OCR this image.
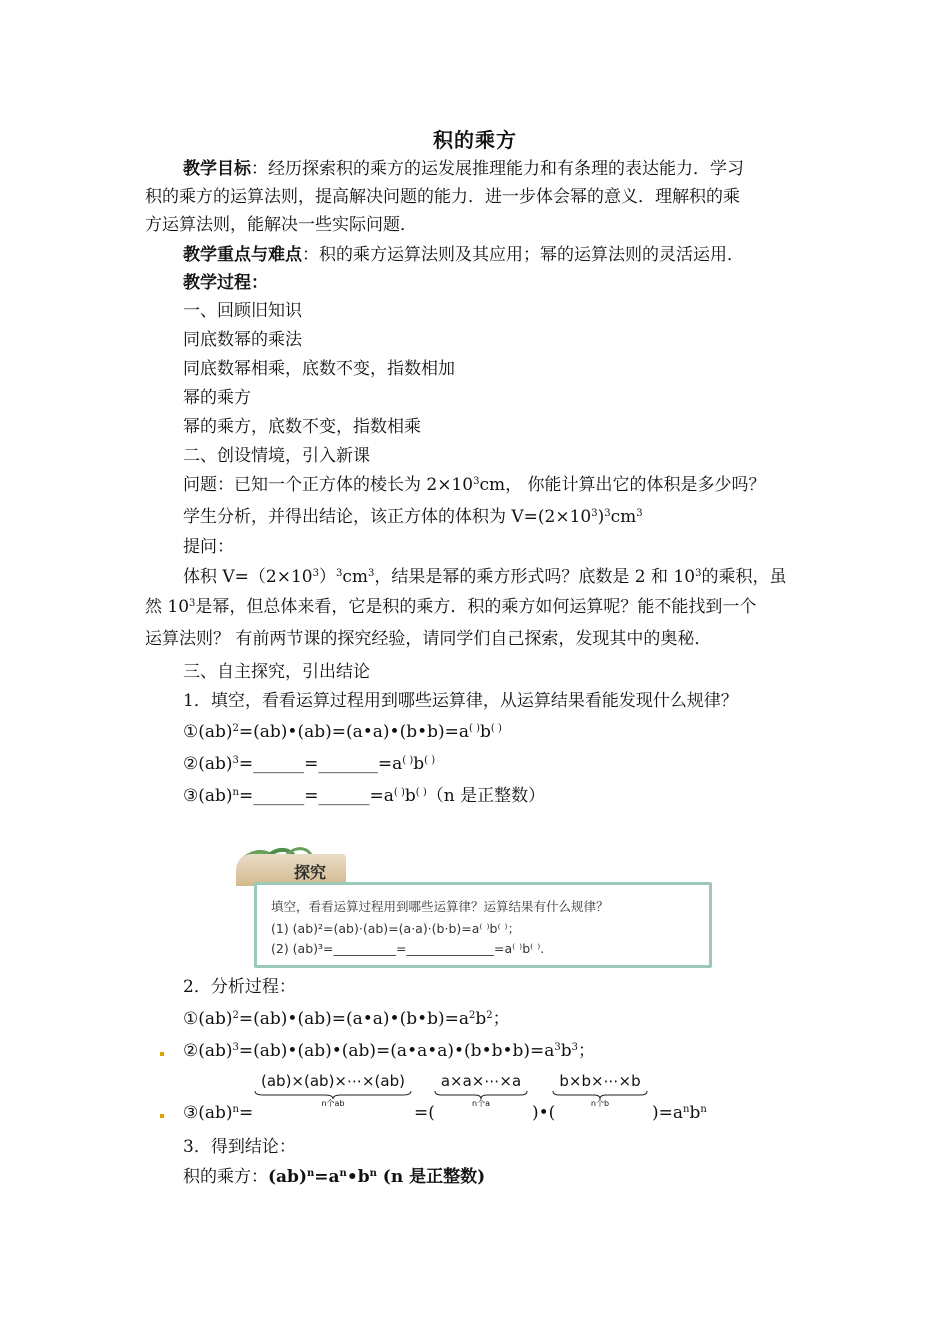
积的乘方
教学目标：经历探索积的乘方的运发展推理能力和有条理的表达能力．学习
积的乘方的运算法则，提高解决问题的能力．进一步体会幂的意义．理解积的乘
方运算法则，能解决一些实际问题．
教学重点与难点：积的乘方运算法则及其应用；幂的运算法则的灵活运用．
教学过程：
一、回顾旧知识
同底数幂的乘法
同底数幂相乘，底数不变，指数相加
幂的乘方
幂的乘方，底数不变，指数相乘
二、创设情境，引入新课
问题：已知一个正方体的棱长为 $2\times 10^3cm$， 你能计算出它的体积是多少吗？
学生分析，并得出结论，该正方体的体积为 $V=(2\times 10^3)^3cm^3$
提问：
体积 $V=(2\times 10^3)^3cm^3$，结果是幂的乘方形式吗？底数是 2 和 $10^3$的乘积，虽
然 $10^3$是幂，但总体来看，它是积的乘方．积的乘方如何运算呢？能不能找到一个
运算法则？ 有前两节课的探究经验，请同学们自己探索，发现其中的奥秘．
三、自主探究，引出结论
1．填空，看看运算过程用到哪些运算律，从运算结果看能发现什么规律？
①(ab)$^2$=(ab)•(ab)=(a•a)•(b•b)=a( )b( )
②(ab)$^3$=______=_______=a( )b( )
③(ab)$^n$=______=______=a( )b( )（n 是正整数）
探究
填空，看看运算过程用到哪些运算律？运算结果有什么规律？
(1) (ab)²=(ab)·(ab)=(a·a)·(b·b)=a⁽ ⁾b⁽ ⁾；
(2) (ab)³=__________=______________=a⁽ ⁾b⁽ ⁾.
2．分析过程：
$①(ab)^2=(ab)•(ab)=(a•a)•(b•b)=a^2b^2$；
$②(ab)^3=(ab)•(ab)•(ab)=(a•a•a)•(b•b•b)=a^3b^3$；
(ab)×(ab)×⋯×(ab)
n个ab
a×a×⋯×a
n个a
b×b×⋯×b
n个b
③(ab)$^n$=	=(	)•(	)$=a^nb^n$
3．得到结论：
积的乘方：$(ab)^n=a^n•b^n$ (n 是正整数)
